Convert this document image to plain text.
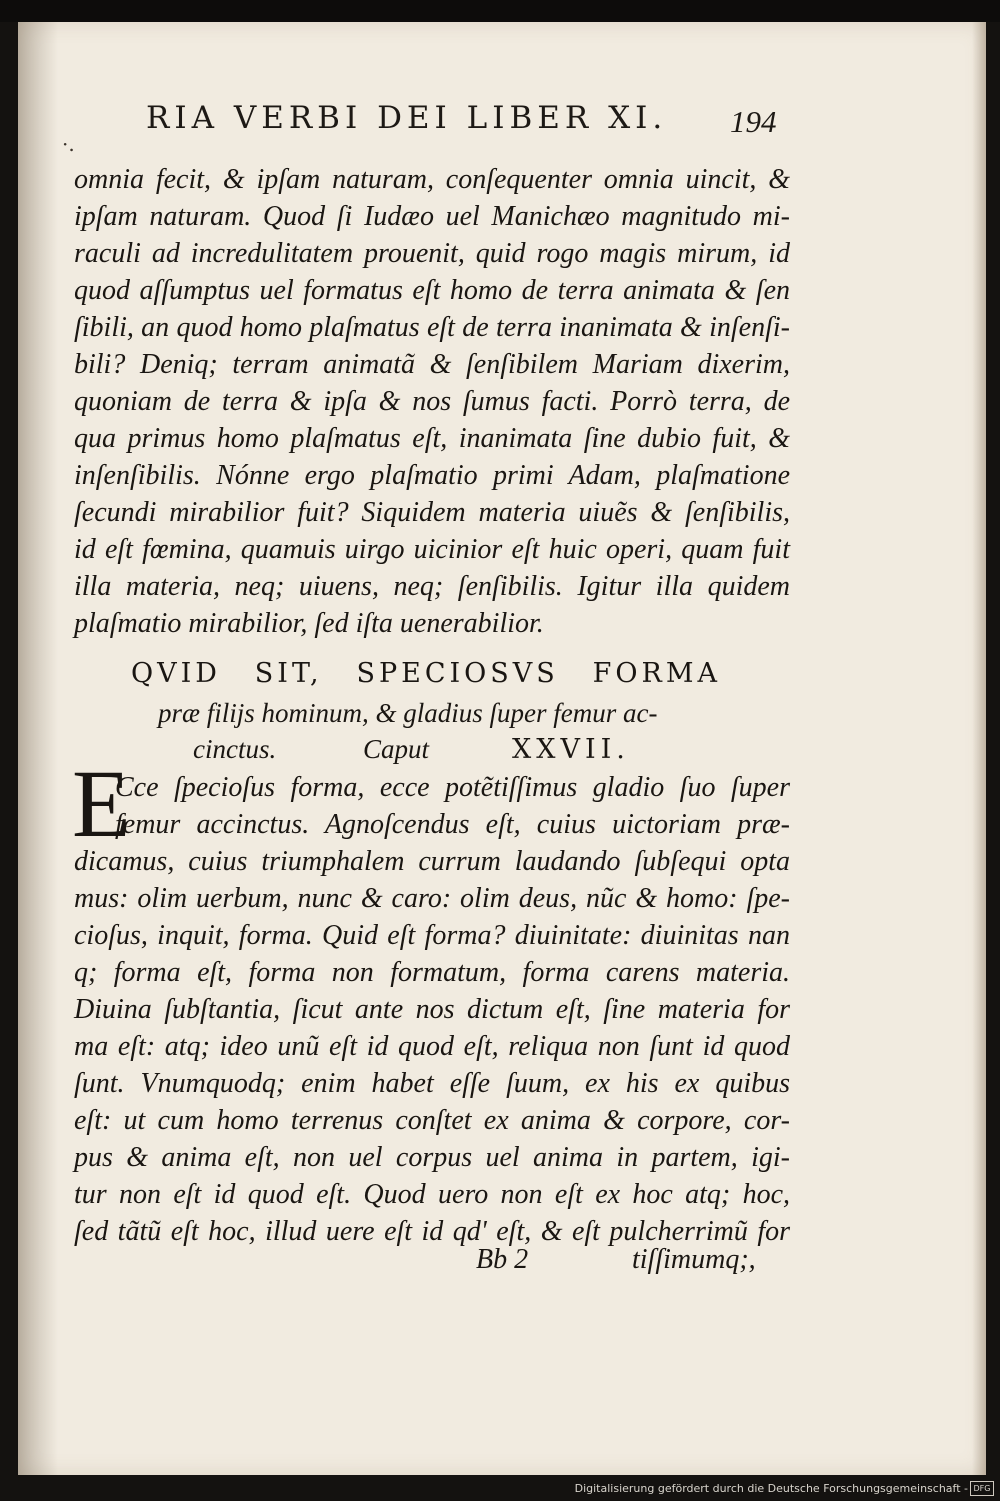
RIA VERBI DEI LIBER XI. 194
·.
omnia fecit, & ipſam naturam, conſequenter omnia uincit, &
ipſam naturam. Quod ſi Iudæo uel Manichæo magnitudo mi-
raculi ad incredulitatem prouenit, quid rogo magis mirum, id
quod aſſumptus uel formatus eſt homo de terra animata & ſen
ſibili, an quod homo plaſmatus eſt de terra inanimata & inſenſi-
bili? Deniq; terram animatã & ſenſibilem Mariam dixerim,
quoniam de terra & ipſa & nos ſumus facti. Porrò terra, de
qua primus homo plaſmatus eſt, inanimata ſine dubio fuit, &
inſenſibilis. Nónne ergo plaſmatio primi Adam, plaſmatione
ſecundi mirabilior fuit? Siquidem materia uiuẽs & ſenſibilis,
id eſt fœmina, quamuis uirgo uicinior eſt huic operi, quam fuit
illa materia, neq; uiuens, neq; ſenſibilis. Igitur illa quidem
plaſmatio mirabilior, ſed iſta uenerabilior.
QVID SIT, SPECIOSVS FORMA
præ filijs hominum, & gladius ſuper femur ac-
cinctus.	Caput	XXVII.
E
Cce ſpecioſus forma, ecce potẽtiſſimus gladio ſuo ſuper
femur accinctus. Agnoſcendus eſt, cuius uictoriam præ-
dicamus, cuius triumphalem currum laudando ſubſequi opta
mus: olim uerbum, nunc & caro: olim deus, nũc & homo: ſpe-
cioſus, inquit, forma. Quid eſt forma? diuinitate: diuinitas nan
q; forma eſt, forma non formatum, forma carens materia.
Diuina ſubſtantia, ſicut ante nos dictum eſt, ſine materia for
ma eſt: atq; ideo unũ eſt id quod eſt, reliqua non ſunt id quod
ſunt. Vnumquodq; enim habet eſſe ſuum, ex his ex quibus
eſt: ut cum homo terrenus conſtet ex anima & corpore, cor-
pus & anima eſt, non uel corpus uel anima in partem, igi-
tur non eſt id quod eſt. Quod uero non eſt ex hoc atq; hoc,
ſed tãtũ eſt hoc, illud uere eſt id qd' eſt, & eſt pulcherrimũ for
Bb 2	tiſſimumq;,
Digitalisierung gefördert durch die Deutsche Forschungsgemeinschaft - DFG
